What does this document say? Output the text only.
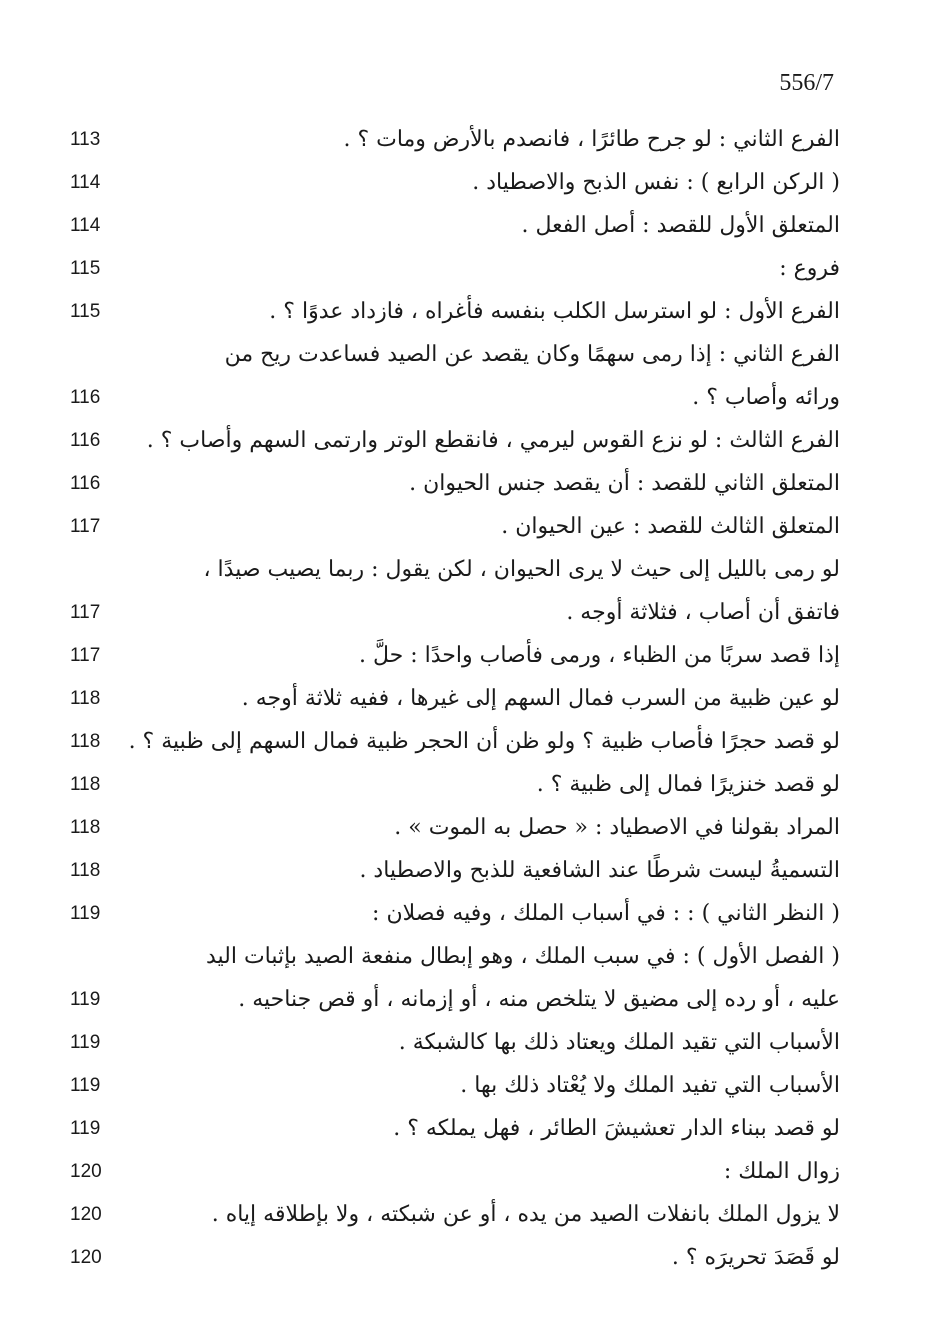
556/7
الفرع الثاني : لو جرح طائرًا ، فانصدم بالأرض ومات ؟ .
113
( الركن الرابع ) : نفس الذبح والاصطياد .
114
المتعلق الأول للقصد : أصل الفعل .
114
فروع :
115
الفرع الأول : لو استرسل الكلب بنفسه فأغراه ، فازداد عدوًا ؟ .
115
الفرع الثاني : إذا رمى سهمًا وكان يقصد عن الصيد فساعدت ريح من
ورائه وأصاب ؟ .
116
الفرع الثالث : لو نزع القوس ليرمي ، فانقطع الوتر وارتمى السهم وأصاب ؟ .
116
المتعلق الثاني للقصد : أن يقصد جنس الحيوان .
116
المتعلق الثالث للقصد : عين الحيوان .
117
لو رمى بالليل إلى حيث لا يرى الحيوان ، لكن يقول : ربما يصيب صيدًا ،
فاتفق أن أصاب ، فثلاثة أوجه .
117
إذا قصد سربًا من الظباء ، ورمى فأصاب واحدًا : حلَّ .
117
لو عين ظبية من السرب فمال السهم إلى غيرها ، ففيه ثلاثة أوجه .
118
لو قصد حجرًا فأصاب ظبية ؟ ولو ظن أن الحجر ظبية فمال السهم إلى ظبية ؟ .
118
لو قصد خنزيرًا فمال إلى ظبية ؟ .
118
المراد بقولنا في الاصطياد : « حصل به الموت » .
118
التسميةُ ليست شرطًا عند الشافعية للذبح والاصطياد .
118
( النظر الثاني ) : : في أسباب الملك ، وفيه فصلان :
119
( الفصل الأول ) : في سبب الملك ، وهو إبطال منفعة الصيد بإثبات اليد
عليه ، أو رده إلى مضيق لا يتلخص منه ، أو إزمانه ، أو قص جناحيه .
119
الأسباب التي تقيد الملك ويعتاد ذلك بها كالشبكة .
119
الأسباب التي تفيد الملك ولا يُعْتاد ذلك بها .
119
لو قصد ببناء الدار تعشيشَ الطائر ، فهل يملكه ؟ .
119
زوال الملك :
120
لا يزول الملك بانفلات الصيد من يده ، أو عن شبكته ، ولا بإطلاقه إياه .
120
لو قَصَدَ تحريرَه ؟ .
120
